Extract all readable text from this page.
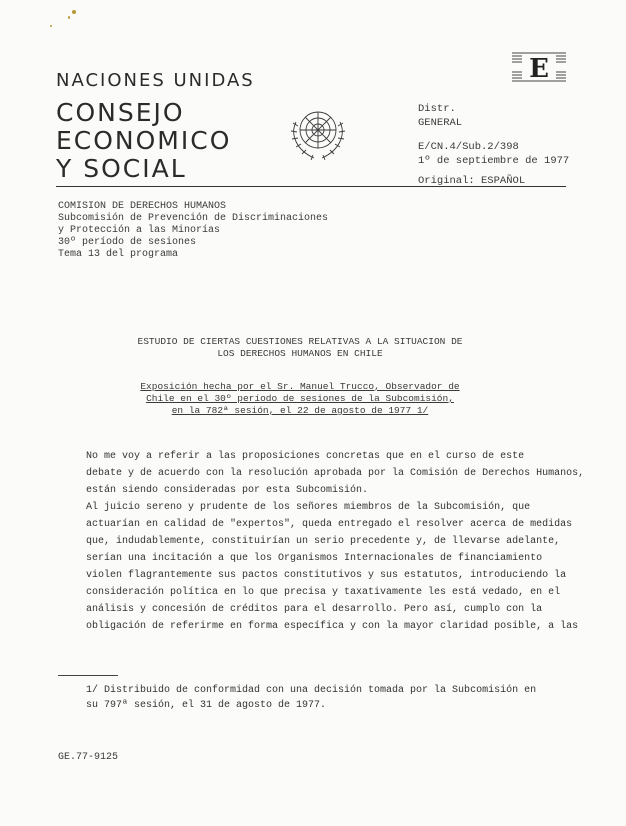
E
NACIONES UNIDAS
CONSEJO
ECONOMICO
Y SOCIAL
Distr.
GENERAL
E/CN.4/Sub.2/398
1º de septiembre de 1977
Original: ESPAÑOL
COMISION DE DERECHOS HUMANOS
Subcomisión de Prevención de Discriminaciones
y Protección a las Minorías
30º período de sesiones
Tema 13 del programa
ESTUDIO DE CIERTAS CUESTIONES RELATIVAS A LA SITUACION DE
LOS DERECHOS HUMANOS EN CHILE
Exposición hecha por el Sr. Manuel Trucco, Observador de
Chile en el 30º período de sesiones de la Subcomisión,
en la 782ª sesión, el 22 de agosto de 1977 1/
No me voy a referir a las proposiciones concretas que en el curso de este
debate y de acuerdo con la resolución aprobada por la Comisión de Derechos Humanos,
están siendo consideradas por esta Subcomisión.
Al juicio sereno y prudente de los señores miembros de la Subcomisión, que
actuarían en calidad de "expertos", queda entregado el resolver acerca de medidas
que, indudablemente, constituirían un serio precedente y, de llevarse adelante,
serían una incitación a que los Organismos Internacionales de financiamiento
violen flagrantemente sus pactos constitutivos y sus estatutos, introduciendo la
consideración política en lo que precisa y taxativamente les está vedado, en el
análisis y concesión de créditos para el desarrollo. Pero así, cumplo con la
obligación de referirme en forma específica y con la mayor claridad posible, a las
1/ Distribuido de conformidad con una decisión tomada por la Subcomisión en
su 797ª sesión, el 31 de agosto de 1977.
GE.77-9125
